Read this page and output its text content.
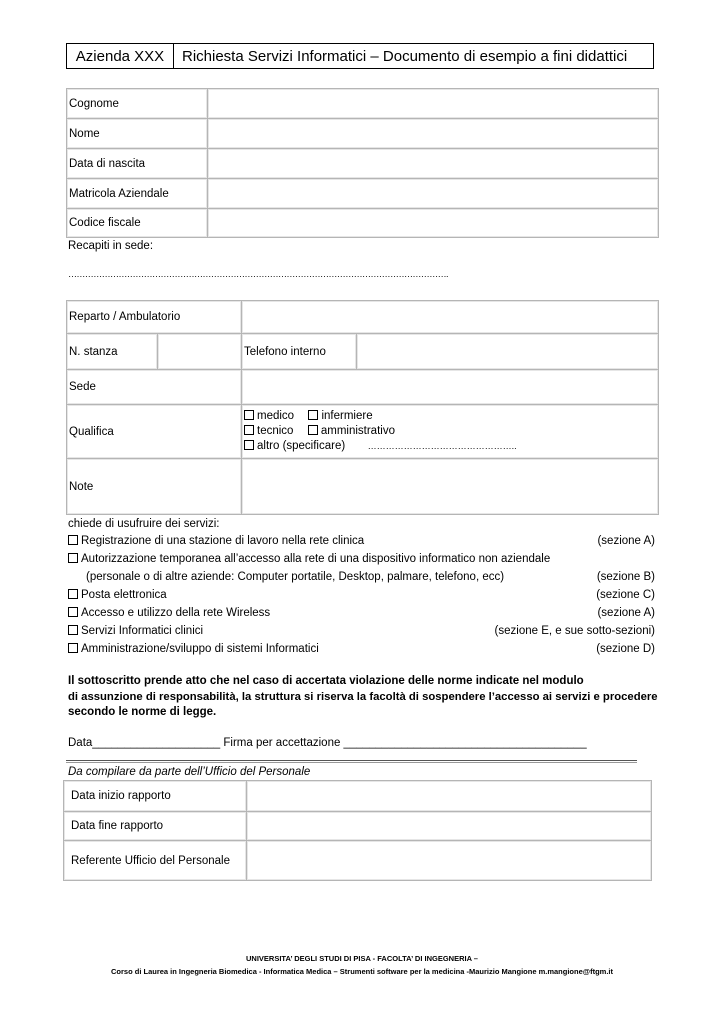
Azienda XXX	Richiesta Servizi Informatici – Documento di esempio a fini didattici
Cognome	
Nome	
Data di nascita	
Matricola Aziendale	
Codice fiscale	
Recapiti in sede:
……………………………………………………………………………………………………………………….
Reparto / Ambulatorio			
N. stanza		Telefono interno	
Sede			
Qualifica		medico infermiere
tecnico amministrativo
altro (specificare) …………………………………………..	

Note			
chiede di usufruire dei servizi:
Registrazione di una stazione di lavoro nella rete clinica	(sezione A)
Autorizzazione temporanea all’accesso alla rete di una dispositivo informatico non aziendale
(personale o di altre aziende: Computer portatile, Desktop, palmare, telefono, ecc)	(sezione B)
Posta elettronica	(sezione C)
Accesso e utilizzo della rete Wireless	(sezione A)
Servizi Informatici clinici	(sezione E, e sue sotto-sezioni)
Amministrazione/sviluppo di sistemi Informatici	(sezione D)
Il sottoscritto prende atto che nel caso di accertata violazione delle norme indicate nel modulo
di assunzione di responsabilità, la struttura si riserva la facoltà di sospendere l’accesso ai servizi e procedere
secondo le norme di legge.
Data____________________ Firma per accettazione ______________________________________
Da compilare da parte dell’Ufficio del Personale
Data inizio rapporto	
Data fine rapporto	
Referente Ufficio del Personale	
UNIVERSITA’ DEGLI STUDI DI PISA - FACOLTA’ DI INGEGNERIA –
Corso di Laurea in Ingegneria Biomedica - Informatica Medica – Strumenti software per la medicina -Maurizio Mangione m.mangione@ftgm.it
